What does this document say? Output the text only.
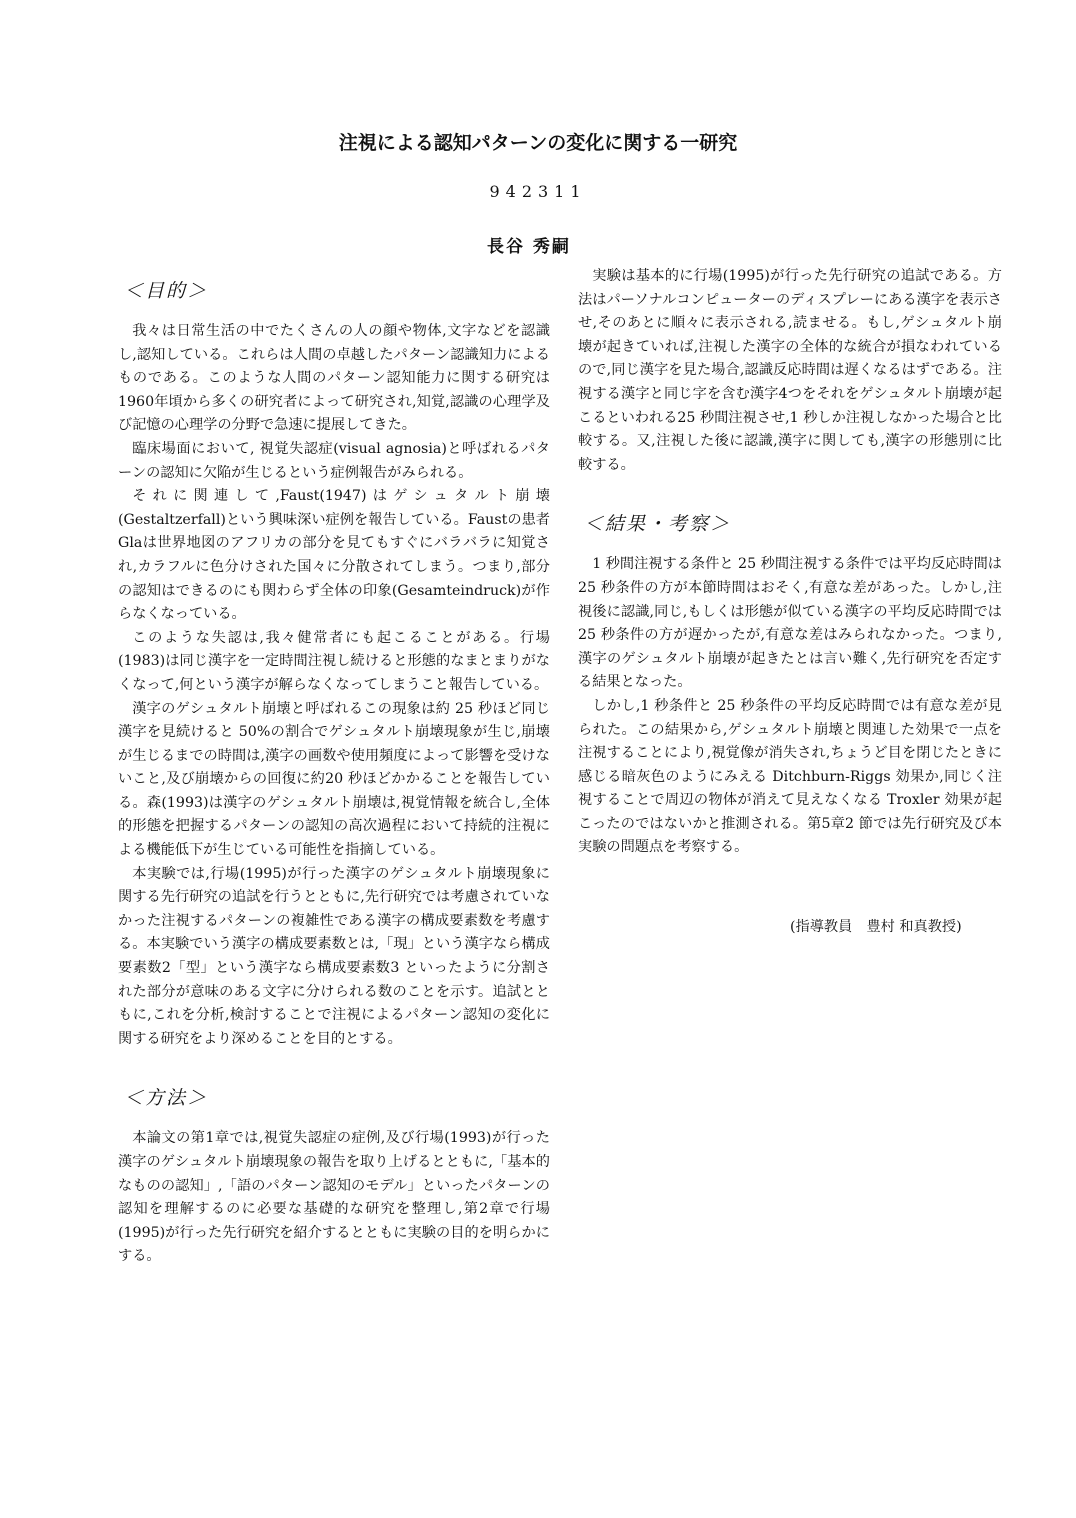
注視による認知パターンの変化に関する一研究
942311
長谷 秀嗣
＜目的＞

我々は日常生活の中でたくさんの人の顔や物体,文字などを認識し,認知している。これらは人間の卓越したパターン認識知力によるものである。このような人間のパターン認知能力に関する研究は1960年頃から多くの研究者によって研究され,知覚,認識の心理学及び記憶の心理学の分野で急速に提展してきた。

臨床場面において, 視覚失認症(visual agnosia)と呼ばれるパターンの認知に欠陥が生じるという症例報告がみられる。

それに関連して,Faust(1947)はゲシュタルト崩壊(Gestaltzerfall)という興味深い症例を報告している。Faustの患者Glaは世界地図のアフリカの部分を見てもすぐにバラバラに知覚され,カラフルに色分けされた国々に分散されてしまう。つまり,部分の認知はできるのにも関わらず全体の印象(Gesamteindruck)が作らなくなっている。

このような失認は,我々健常者にも起こることがある。行場(1983)は同じ漢字を一定時間注視し続けると形態的なまとまりがなくなって,何という漢字が解らなくなってしまうこと報告している。

漢字のゲシュタルト崩壊と呼ばれるこの現象は約 25 秒ほど同じ漢字を見続けると 50%の割合でゲシュタルト崩壊現象が生じ,崩壊が生じるまでの時間は,漢字の画数や使用頻度によって影響を受けないこと,及び崩壊からの回復に約20 秒ほどかかることを報告している。森(1993)は漢字のゲシュタルト崩壊は,視覚情報を統合し,全体的形態を把握するパターンの認知の高次過程において持続的注視による機能低下が生じている可能性を指摘している。

本実験では,行場(1995)が行った漢字のゲシュタルト崩壊現象に関する先行研究の追試を行うとともに,先行研究では考慮されていなかった注視するパターンの複雑性である漢字の構成要素数を考慮する。本実験でいう漢字の構成要素数とは,「現」という漢字なら構成要素数2「型」という漢字なら構成要素数3 といったように分割された部分が意味のある文字に分けられる数のことを示す。追試とともに,これを分析,検討することで注視によるパターン認知の変化に関する研究をより深めることを目的とする。

＜方法＞

本論文の第1章では,視覚失認症の症例,及び行場(1993)が行った漢字のゲシュタルト崩壊現象の報告を取り上げるとともに,「基本的なものの認知」,「語のパターン認知のモデル」といったパターンの認知を理解するのに必要な基礎的な研究を整理し,第2章で行場(1995)が行った先行研究を紹介するとともに実験の目的を明らかにする。

実験は基本的に行場(1995)が行った先行研究の追試である。方法はパーソナルコンピューターのディスプレーにある漢字を表示させ,そのあとに順々に表示される,読ませる。もし,ゲシュタルト崩壊が起きていれば,注視した漢字の全体的な統合が損なわれているので,同じ漢字を見た場合,認識反応時間は遅くなるはずである。注視する漢字と同じ字を含む漢字4つをそれをゲシュタルト崩壊が起こるといわれる25 秒間注視させ,1 秒しか注視しなかった場合と比較する。又,注視した後に認識,漢字に関しても,漢字の形態別に比較する。

＜結果・考察＞

1 秒間注視する条件と 25 秒間注視する条件では平均反応時間は25 秒条件の方が本節時間はおそく,有意な差があった。しかし,注視後に認識,同じ,もしくは形態が似ている漢字の平均反応時間では 25 秒条件の方が遅かったが,有意な差はみられなかった。つまり,漢字のゲシュタルト崩壊が起きたとは言い難く,先行研究を否定する結果となった。

しかし,1 秒条件と 25 秒条件の平均反応時間では有意な差が見られた。この結果から,ゲシュタルト崩壊と関連した効果で一点を注視することにより,視覚像が消失され,ちょうど目を閉じたときに感じる暗灰色のようにみえる Ditchburn-Riggs 効果か,同じく注視することで周辺の物体が消えて見えなくなる Troxler 効果が起こったのではないかと推測される。第5章2 節では先行研究及び本実験の問題点を考察する。

(指導教員　豊村 和真教授)
